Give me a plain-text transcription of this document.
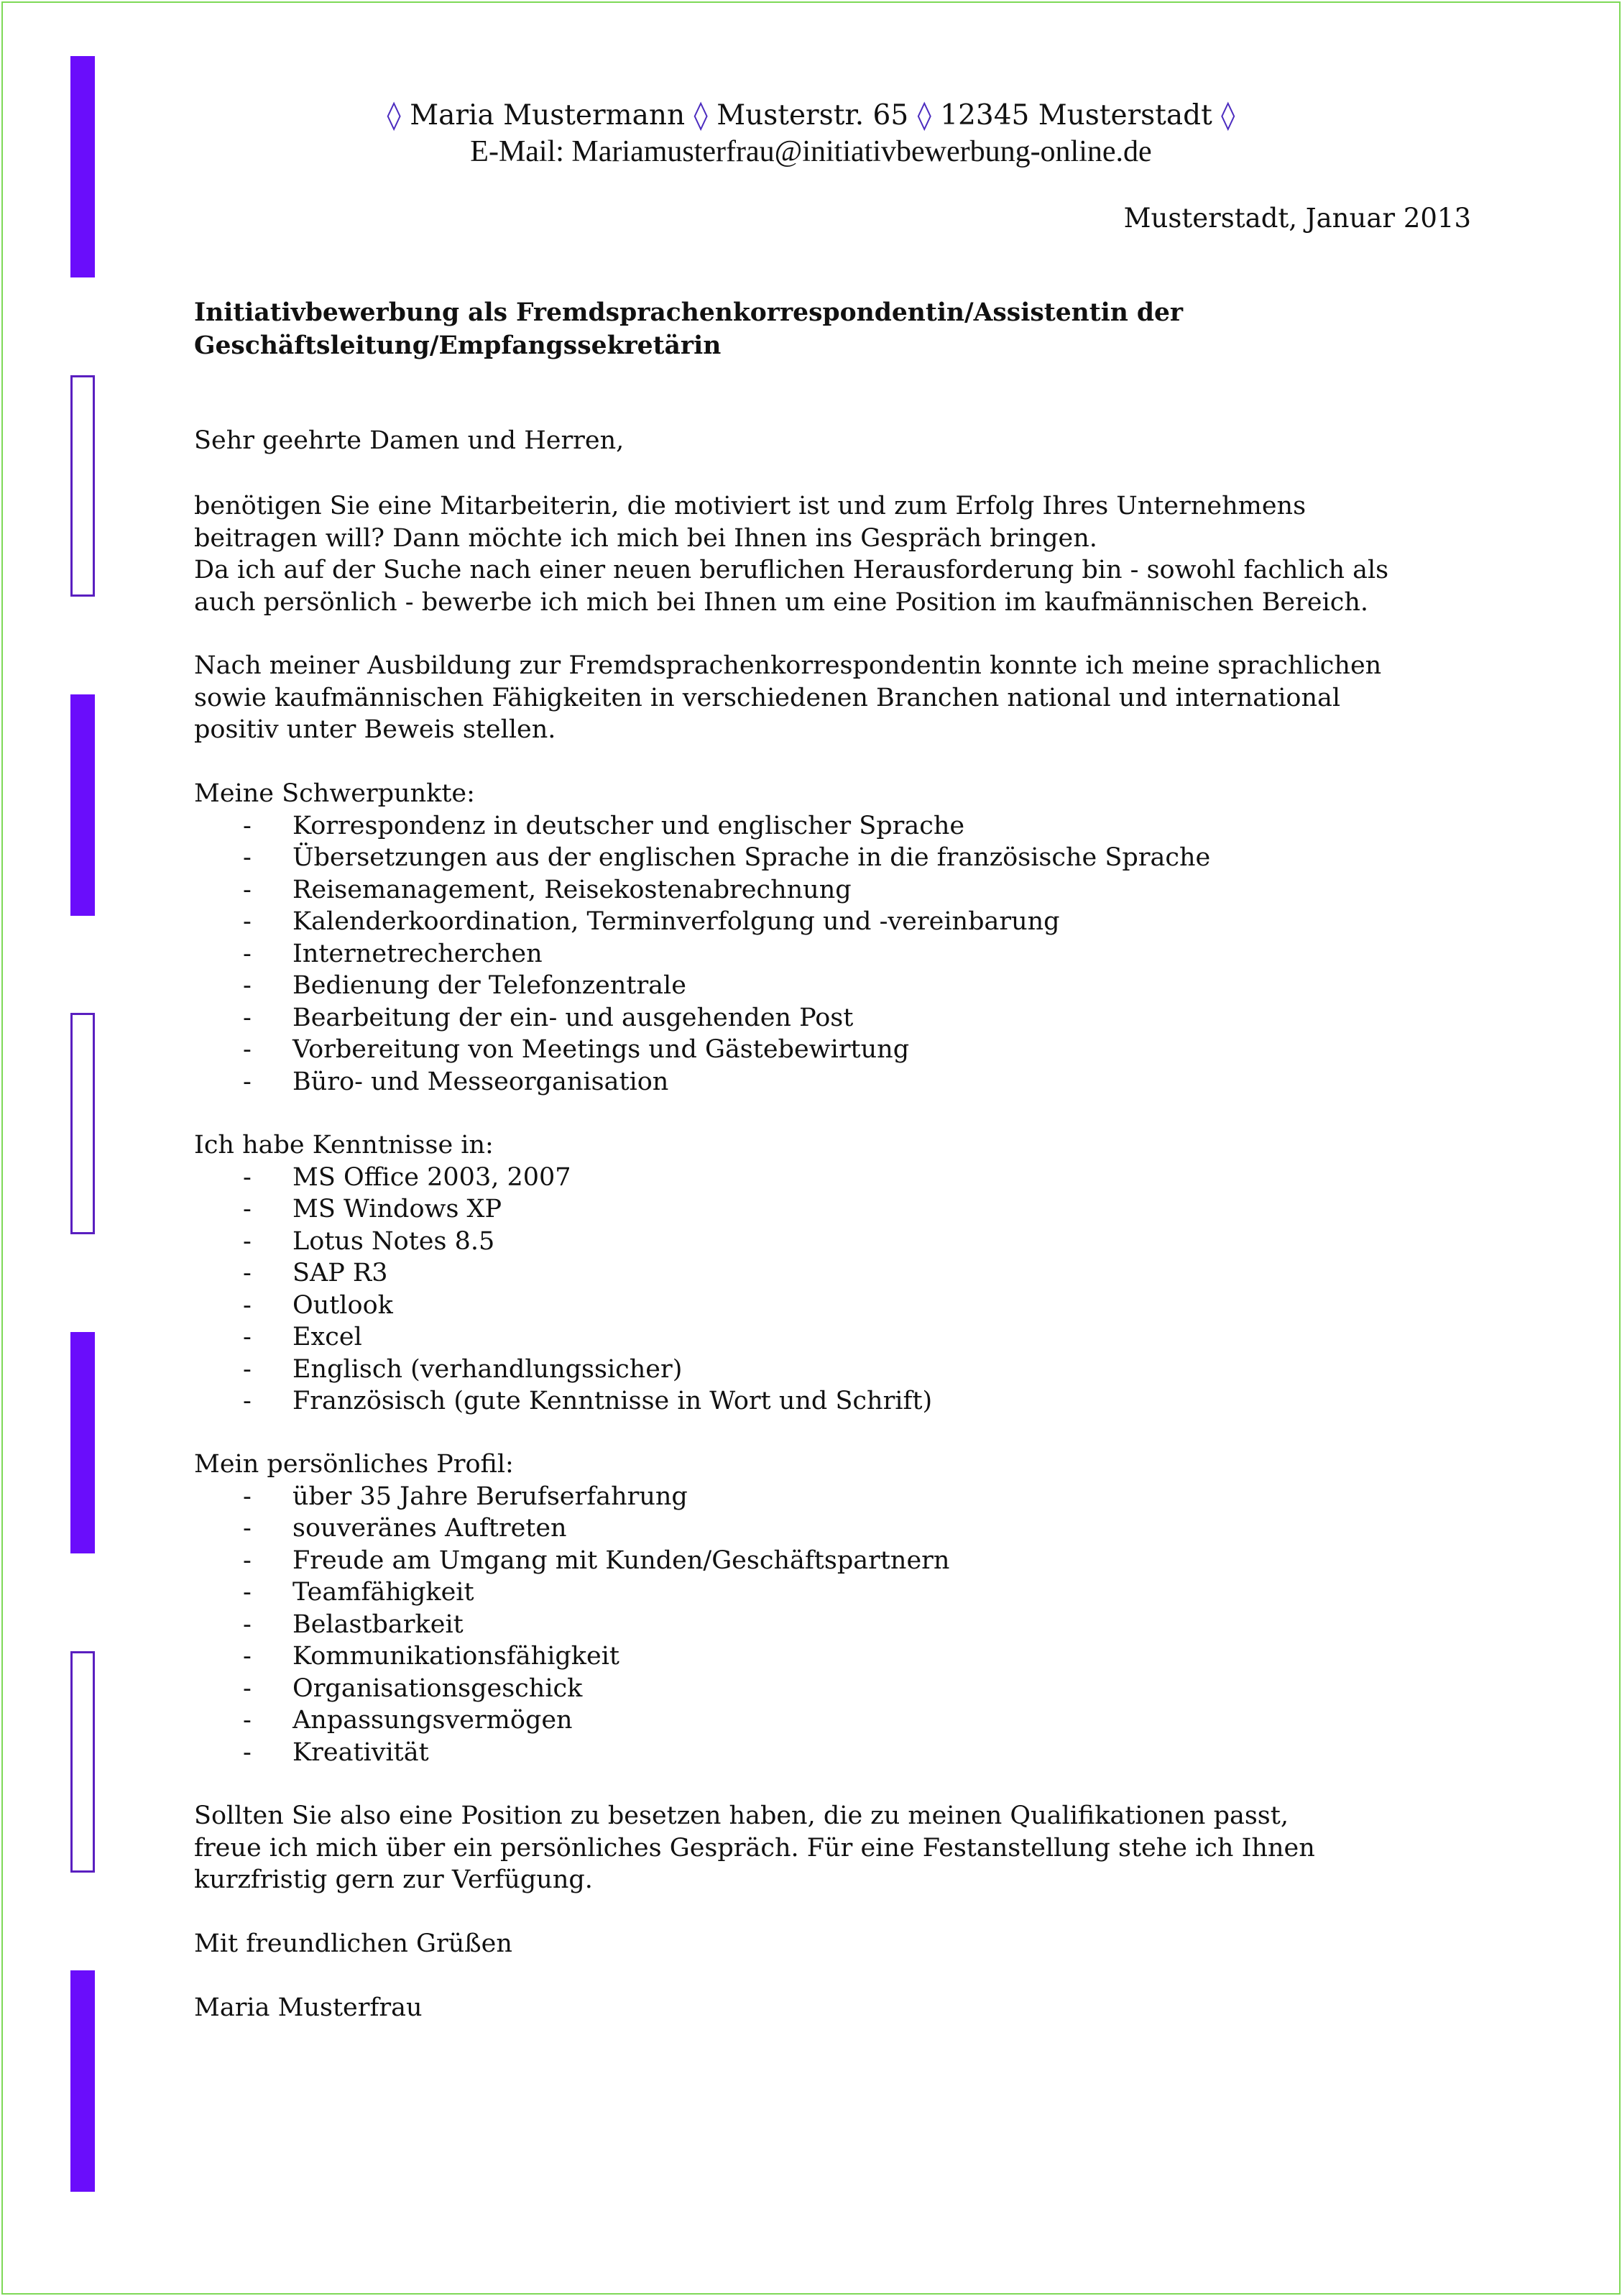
◊ Maria Mustermann ◊ Musterstr. 65 ◊ 12345 Musterstadt ◊
E-Mail: Mariamusterfrau@initiativbewerbung-online.de
Musterstadt, Januar 2013
Initiativbewerbung als Fremdsprachenkorrespondentin/Assistentin der
Geschäftsleitung/Empfangssekretärin

Sehr geehrte Damen und Herren,

benötigen Sie eine Mitarbeiterin, die motiviert ist und zum Erfolg Ihres Unternehmens

beitragen will? Dann möchte ich mich bei Ihnen ins Gespräch bringen.

Da ich auf der Suche nach einer neuen beruflichen Herausforderung bin - sowohl fachlich als

auch persönlich - bewerbe ich mich bei Ihnen um eine Position im kaufmännischen Bereich.

Nach meiner Ausbildung zur Fremdsprachenkorrespondentin konnte ich meine sprachlichen

sowie kaufmännischen Fähigkeiten in verschiedenen Branchen national und international

positiv unter Beweis stellen.

Meine Schwerpunkte:

- Korrespondenz in deutscher und englischer Sprache
- Übersetzungen aus der englischen Sprache in die französische Sprache
- Reisemanagement, Reisekostenabrechnung
- Kalenderkoordination, Terminverfolgung und -vereinbarung
- Internetrecherchen
- Bedienung der Telefonzentrale
- Bearbeitung der ein- und ausgehenden Post
- Vorbereitung von Meetings und Gästebewirtung
- Büro- und Messeorganisation

Ich habe Kenntnisse in:

- MS Office 2003, 2007
- MS Windows XP
- Lotus Notes 8.5
- SAP R3
- Outlook
- Excel
- Englisch (verhandlungssicher)
- Französisch (gute Kenntnisse in Wort und Schrift)

Mein persönliches Profil:

- über 35 Jahre Berufserfahrung
- souveränes Auftreten
- Freude am Umgang mit Kunden/Geschäftspartnern
- Teamfähigkeit
- Belastbarkeit
- Kommunikationsfähigkeit
- Organisationsgeschick
- Anpassungsvermögen
- Kreativität

Sollten Sie also eine Position zu besetzen haben, die zu meinen Qualifikationen passt,

freue ich mich über ein persönliches Gespräch. Für eine Festanstellung stehe ich Ihnen

kurzfristig gern zur Verfügung.

Mit freundlichen Grüßen

Maria Musterfrau
